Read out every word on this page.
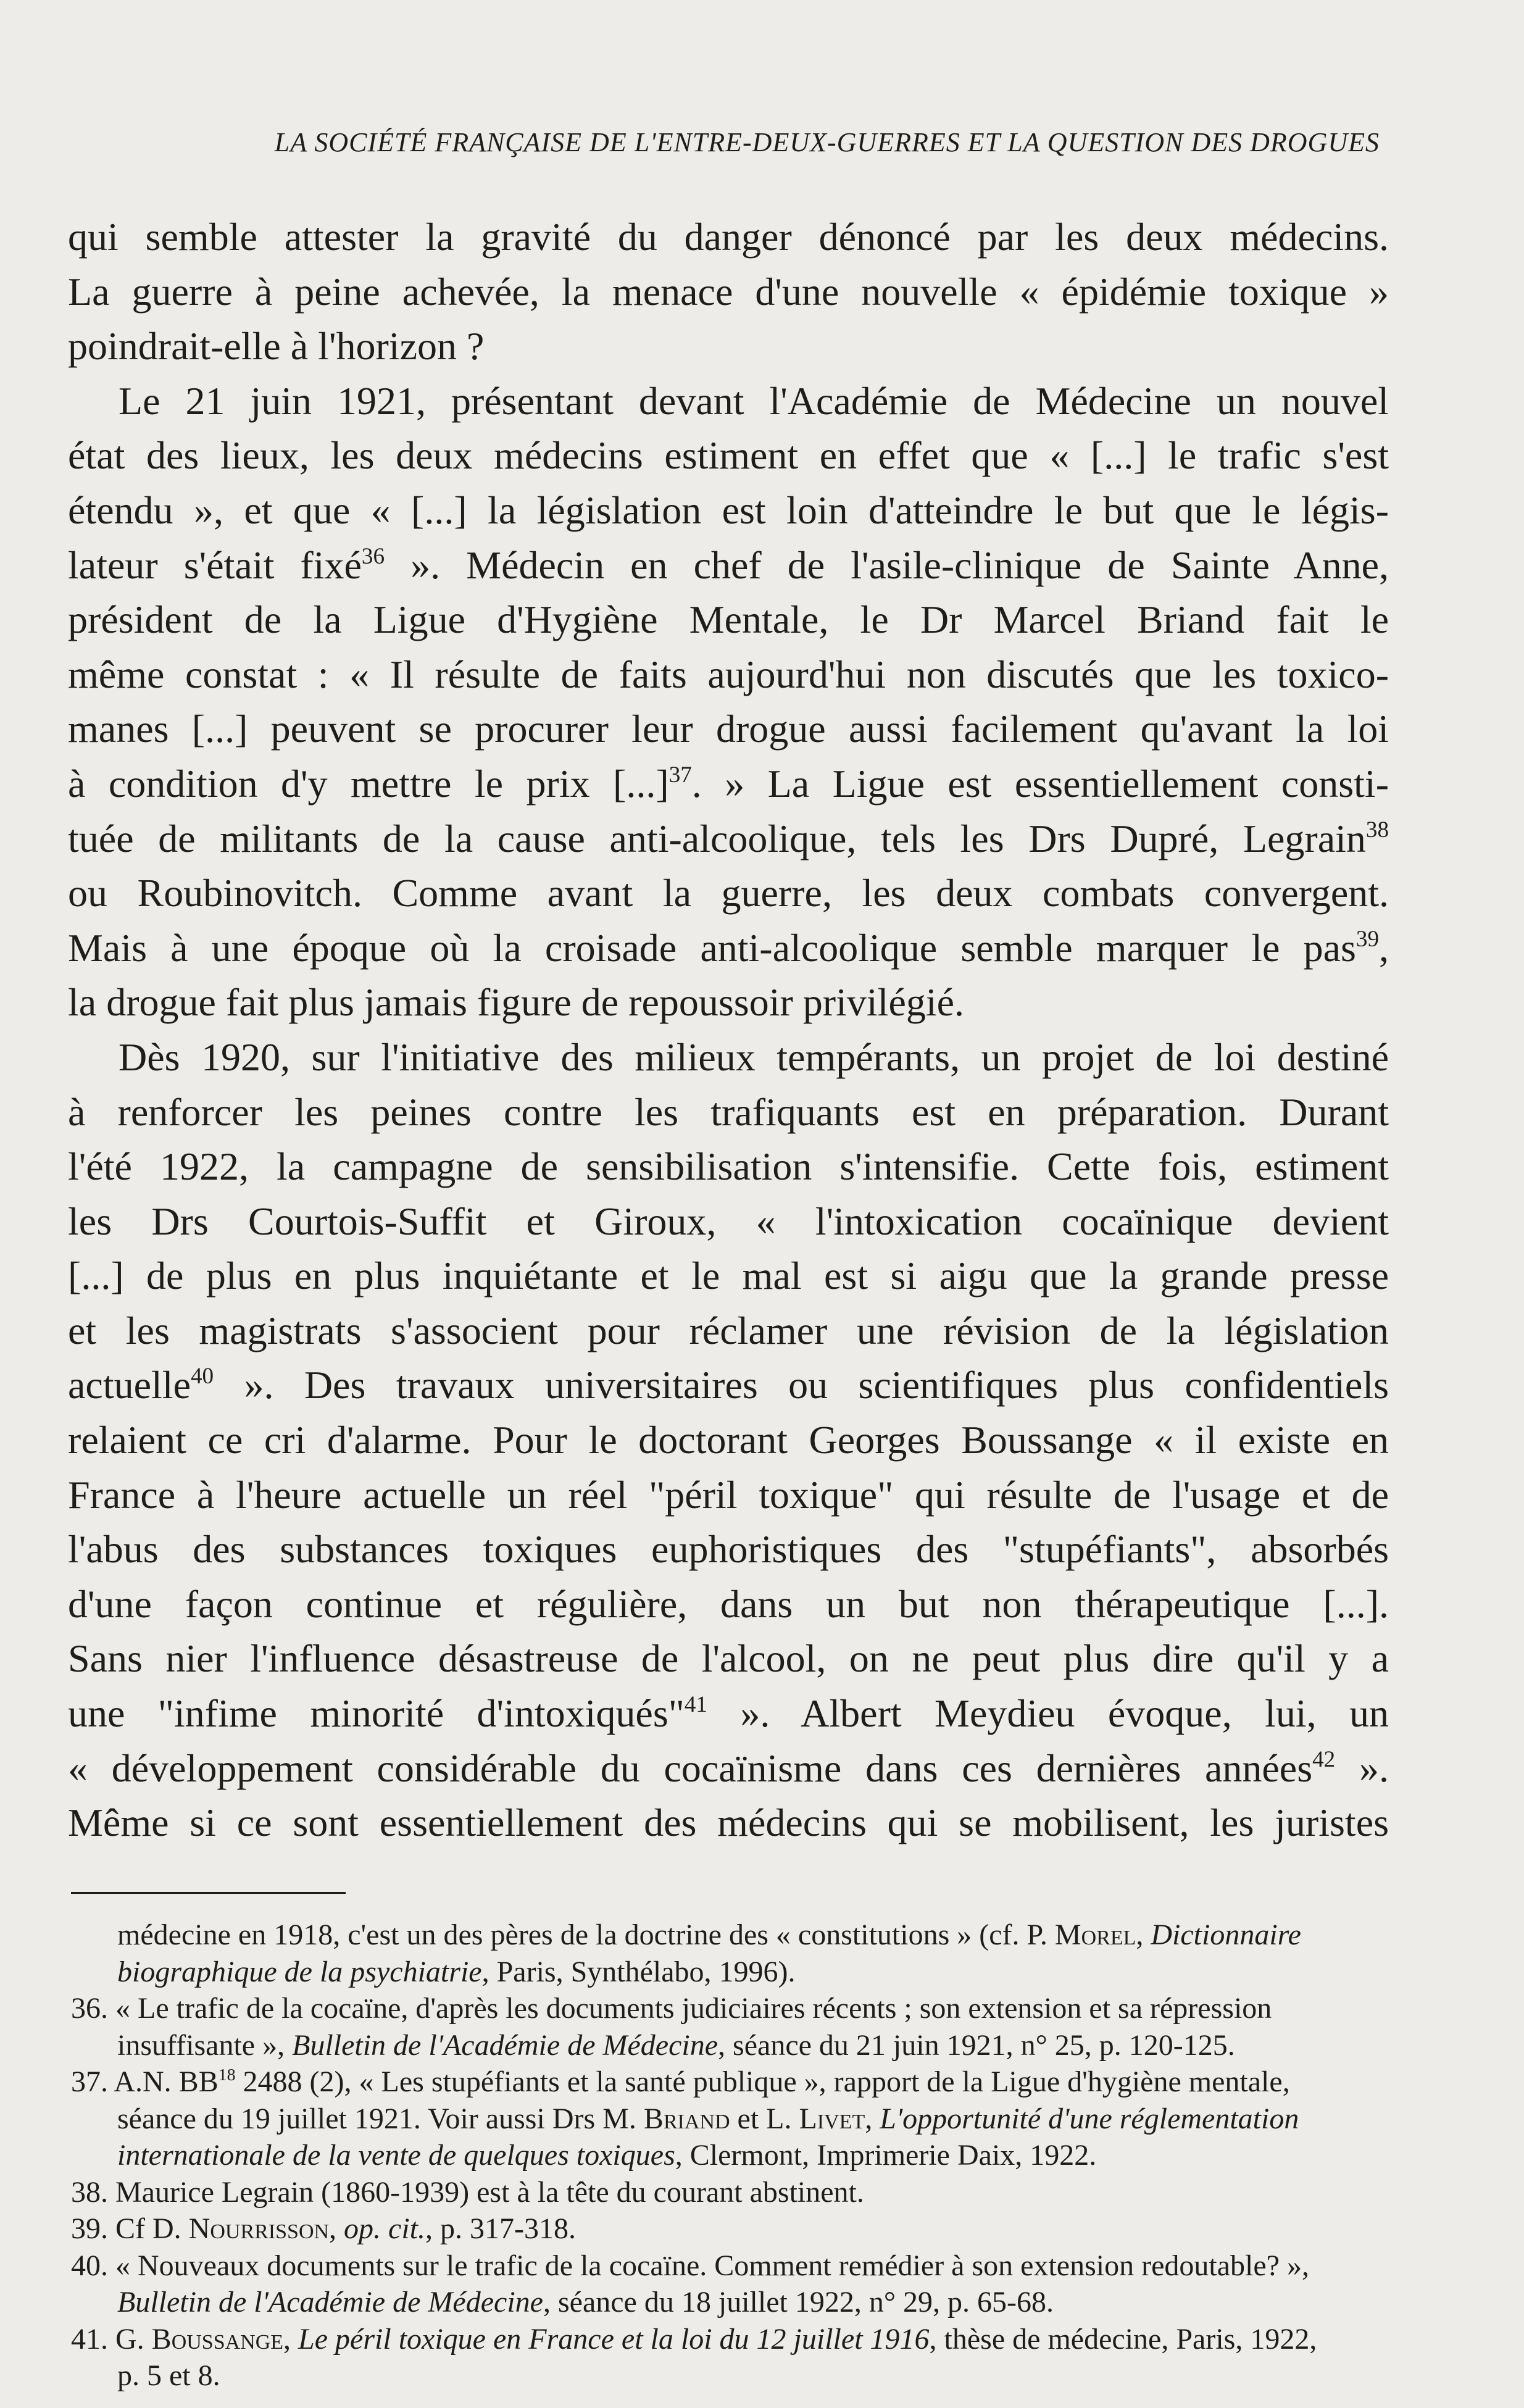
LA SOCIÉTÉ FRANÇAISE DE L'ENTRE-DEUX-GUERRES ET LA QUESTION DES DROGUES
qui semble attester la gravité du danger dénoncé par les deux médecins.
La guerre à peine achevée, la menace d'une nouvelle « épidémie toxique »
poindrait-elle à l'horizon ?
Le 21 juin 1921, présentant devant l'Académie de Médecine un nouvel
état des lieux, les deux médecins estiment en effet que « [...] le trafic s'est
étendu », et que « [...] la législation est loin d'atteindre le but que le légis-
lateur s'était fixé$^{36}$ ». Médecin en chef de l'asile-clinique de Sainte Anne,
président de la Ligue d'Hygiène Mentale, le Dr Marcel Briand fait le
même constat : « Il résulte de faits aujourd'hui non discutés que les toxico-
manes [...] peuvent se procurer leur drogue aussi facilement qu'avant la loi
à condition d'y mettre le prix [...]$^{37}$. » La Ligue est essentiellement consti-
tuée de militants de la cause anti-alcoolique, tels les Drs Dupré, Legrain$^{38}$
ou Roubinovitch. Comme avant la guerre, les deux combats convergent.
Mais à une époque où la croisade anti-alcoolique semble marquer le pas$^{39}$,
la drogue fait plus jamais figure de repoussoir privilégié.
Dès 1920, sur l'initiative des milieux tempérants, un projet de loi destiné
à renforcer les peines contre les trafiquants est en préparation. Durant
l'été 1922, la campagne de sensibilisation s'intensifie. Cette fois, estiment
les Drs Courtois-Suffit et Giroux, « l'intoxication cocaïnique devient
[...] de plus en plus inquiétante et le mal est si aigu que la grande presse
et les magistrats s'associent pour réclamer une révision de la législation
actuelle$^{40}$ ». Des travaux universitaires ou scientifiques plus confidentiels
relaient ce cri d'alarme. Pour le doctorant Georges Boussange « il existe en
France à l'heure actuelle un réel "péril toxique" qui résulte de l'usage et de
l'abus des substances toxiques euphoristiques des "stupéfiants", absorbés
d'une façon continue et régulière, dans un but non thérapeutique [...].
Sans nier l'influence désastreuse de l'alcool, on ne peut plus dire qu'il y a
une "infime minorité d'intoxiqués"$^{41}$ ». Albert Meydieu évoque, lui, un
« développement considérable du cocaïnisme dans ces dernières années$^{42}$ ».
Même si ce sont essentiellement des médecins qui se mobilisent, les juristes
médecine en 1918, c'est un des pères de la doctrine des « constitutions » (cf. P. Morel, Dictionnaire
biographique de la psychiatrie, Paris, Synthélabo, 1996).
36. « Le trafic de la cocaïne, d'après les documents judiciaires récents ; son extension et sa répression
insuffisante », Bulletin de l'Académie de Médecine, séance du 21 juin 1921, n° 25, p. 120-125.
37. A.N. BB$^{18}$ 2488 (2), « Les stupéfiants et la santé publique », rapport de la Ligue d'hygiène mentale,
séance du 19 juillet 1921. Voir aussi Drs M. Briand et L. Livet, L'opportunité d'une réglementation
internationale de la vente de quelques toxiques, Clermont, Imprimerie Daix, 1922.
38. Maurice Legrain (1860-1939) est à la tête du courant abstinent.
39. Cf D. Nourrisson, op. cit., p. 317-318.
40. « Nouveaux documents sur le trafic de la cocaïne. Comment remédier à son extension redoutable? »,
Bulletin de l'Académie de Médecine, séance du 18 juillet 1922, n° 29, p. 65-68.
41. G. Boussange, Le péril toxique en France et la loi du 12 juillet 1916, thèse de médecine, Paris, 1922,
p. 5 et 8.
